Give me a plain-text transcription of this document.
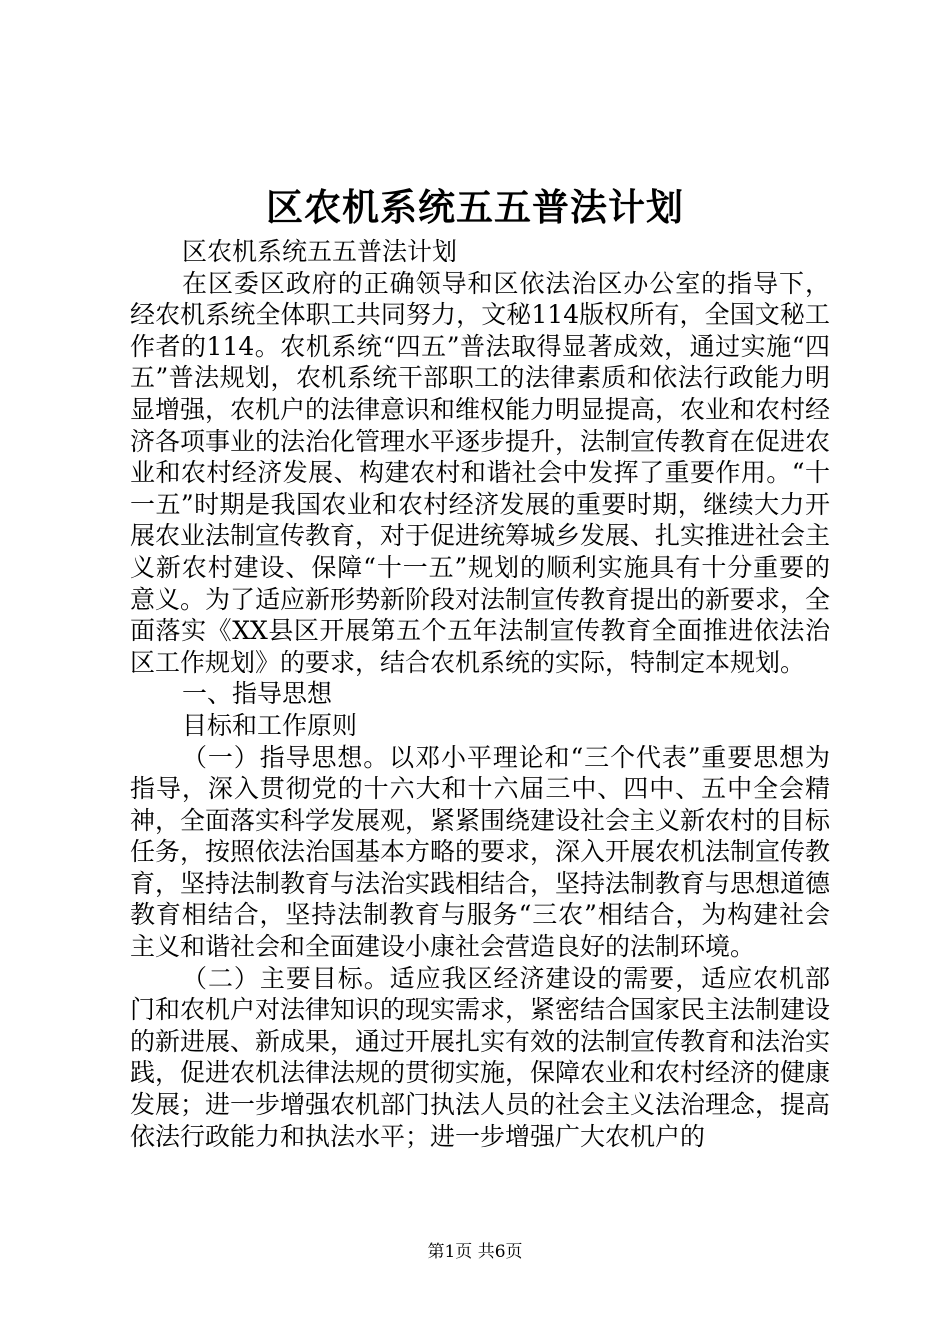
区农机系统五五普法计划

区农机系统五五普法计划

在区委区政府的正确领导和区依法治区办公室的指导下，经农机系统全体职工共同努力，文秘114版权所有，全国文秘工作者的114。农机系统“四五”普法取得显著成效，通过实施“四五”普法规划，农机系统干部职工的法律素质和依法行政能力明显增强，农机户的法律意识和维权能力明显提高，农业和农村经济各项事业的法治化管理水平逐步提升，法制宣传教育在促进农业和农村经济发展、构建农村和谐社会中发挥了重要作用。“十一五”时期是我国农业和农村经济发展的重要时期，继续大力开展农业法制宣传教育，对于促进统筹城乡发展、扎实推进社会主义新农村建设、保障“十一五”规划的顺利实施具有十分重要的意义。为了适应新形势新阶段对法制宣传教育提出的新要求，全面落实《XX县区开展第五个五年法制宣传教育全面推进依法治区工作规划》的要求，结合农机系统的实际，特制定本规划。

一、指导思想

目标和工作原则

（一）指导思想。以邓小平理论和“三个代表”重要思想为指导，深入贯彻党的十六大和十六届三中、四中、五中全会精神，全面落实科学发展观，紧紧围绕建设社会主义新农村的目标任务，按照依法治国基本方略的要求，深入开展农机法制宣传教育，坚持法制教育与法治实践相结合，坚持法制教育与思想道德教育相结合，坚持法制教育与服务“三农”相结合，为构建社会主义和谐社会和全面建设小康社会营造良好的法制环境。

（二）主要目标。适应我区经济建设的需要，适应农机部门和农机户对法律知识的现实需求，紧密结合国家民主法制建设的新进展、新成果，通过开展扎实有效的法制宣传教育和法治实践，促进农机法律法规的贯彻实施，保障农业和农村经济的健康发展；进一步增强农机部门执法人员的社会主义法治理念，提高依法行政能力和执法水平；进一步增强广大农机户的

第1页 共6页
